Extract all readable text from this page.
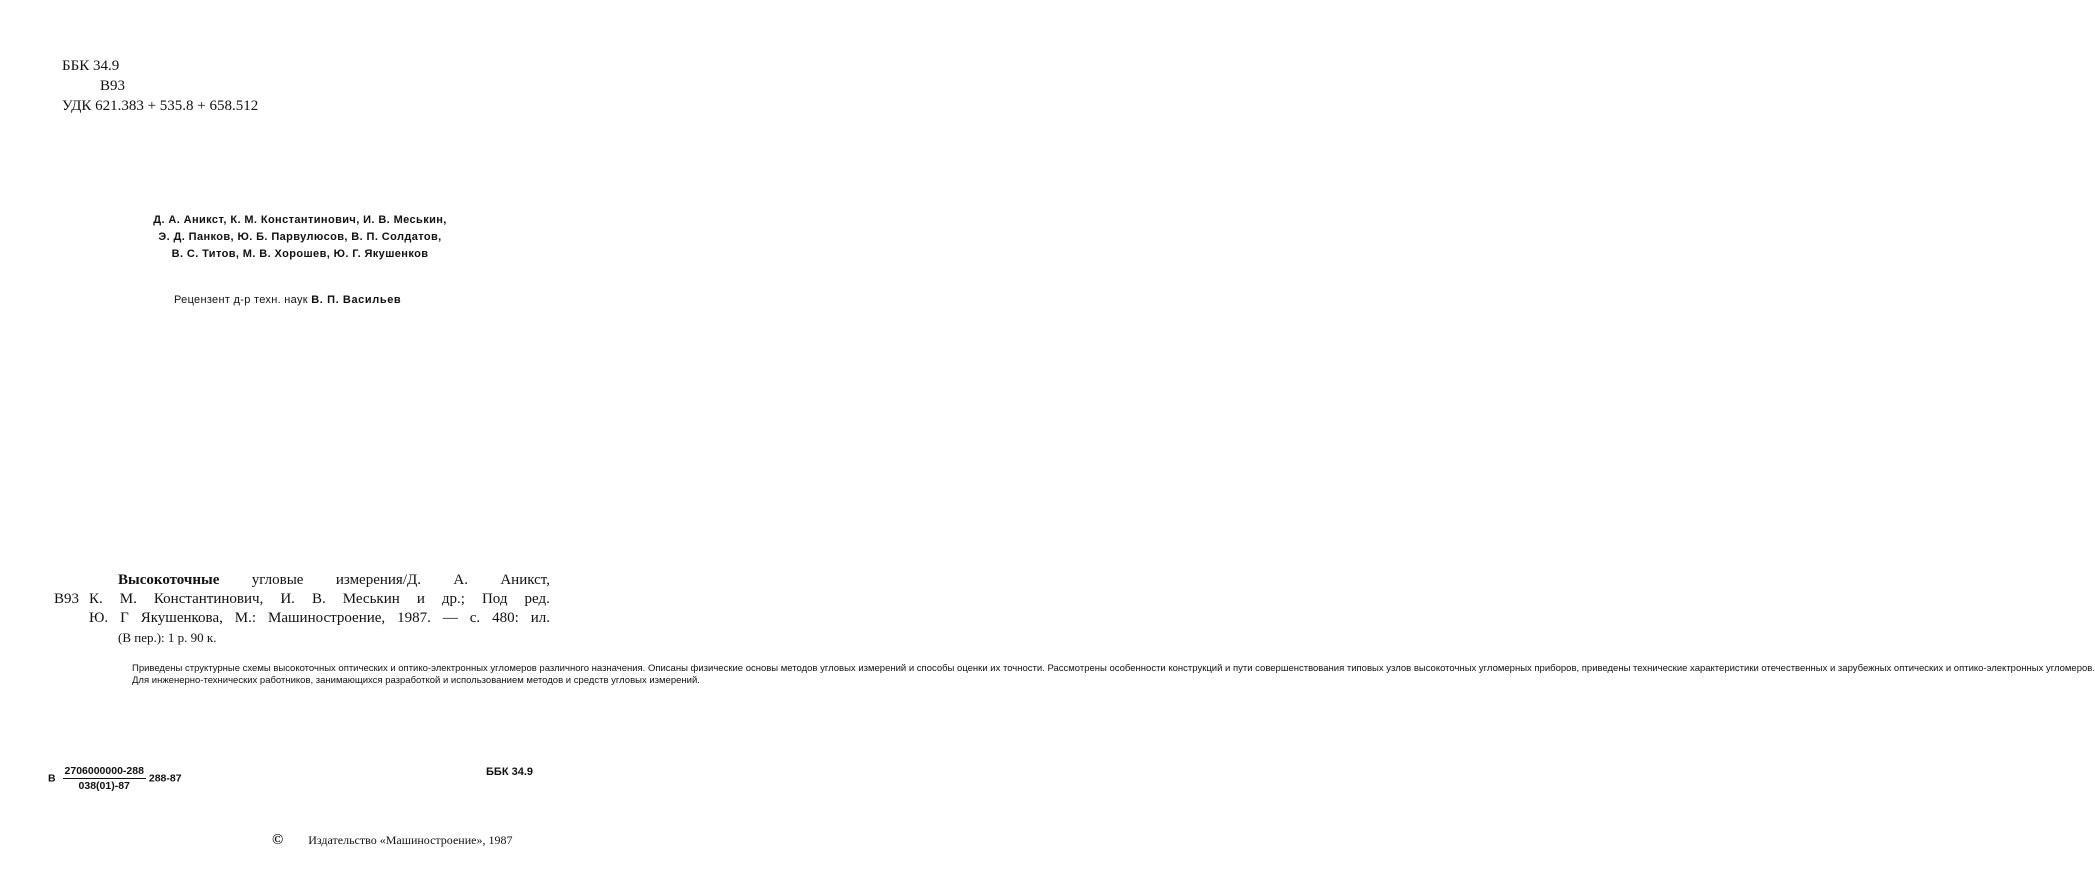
ББК 34.9
В93
УДК 621.383 + 535.8 + 658.512
Д. А. Аникст, К. М. Константинович, И. В. Меськин,
Э. Д. Панков, Ю. Б. Парвулюсов, В. П. Солдатов,
В. С. Титов, М. В. Хорошев, Ю. Г. Якушенков
Рецензент д-р техн. наук В. П. Васильев
Высокоточные угловые измерения/Д. А. Аникст,
В93 К. М. Константинович, И. В. Меськин и др.; Под ред.
Ю. Г Якушенкова, М.: Машиностроение, 1987. — с. 480: ил.
(В пер.): 1 р. 90 к.

Приведены структурные схемы высокоточных оптических и оптико-электронных угломеров различного назначения. Описаны физические основы методов угловых измерений и способы оценки их точности. Рассмотрены особенности конструкций и пути совершенствования типовых узлов высокоточных угломерных приборов, приведены технические характеристики отечественных и зарубежных оптических и оптико-электронных угломеров.

Для инженерно-технических работников, занимающихся разработкой и использованием методов и средств угловых измерений.

В $\frac{2706000000-288}{038(01)-87} 288-87$
ББК 34.9
© Издательство «Машиностроение», 1987
